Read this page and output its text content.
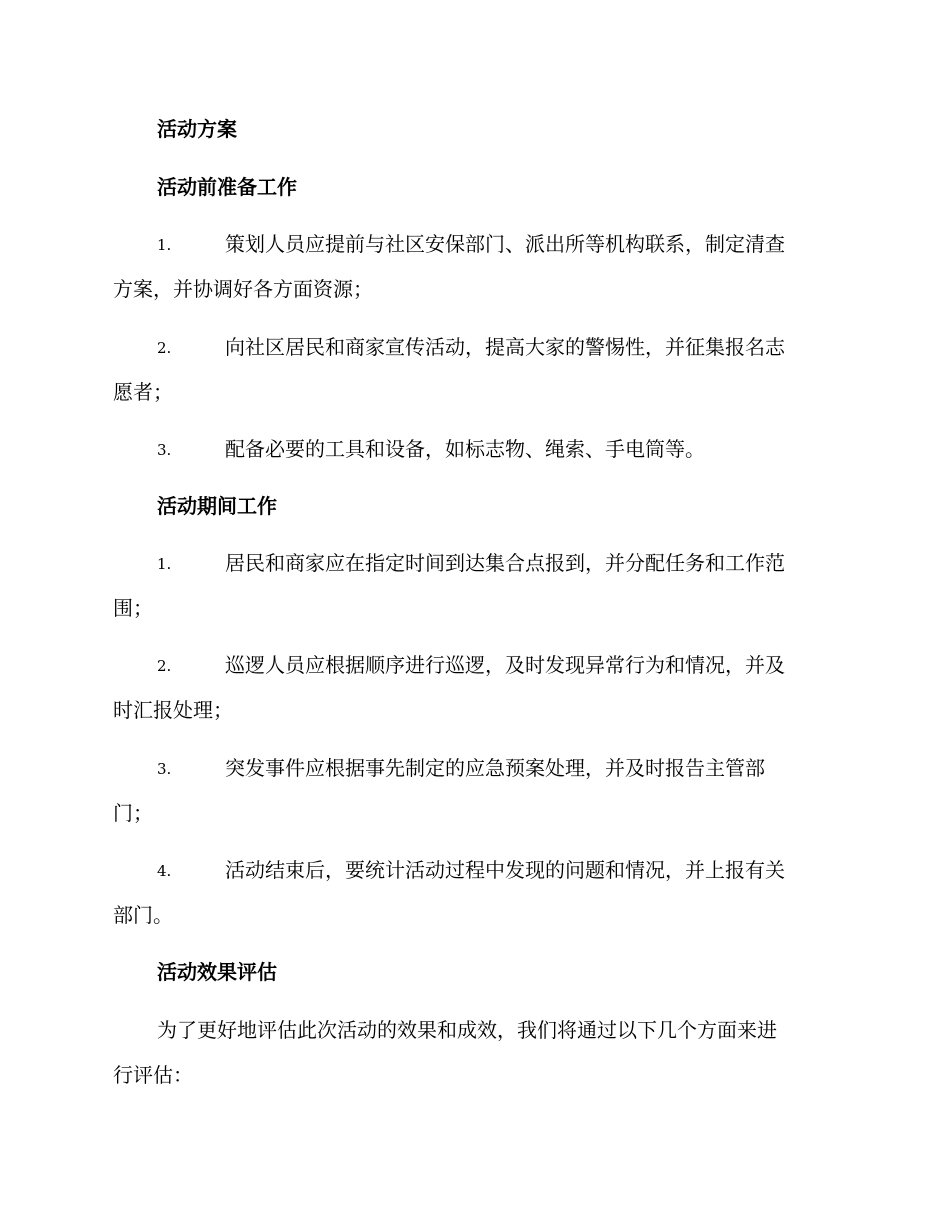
活动方案
活动前准备工作
1.	策划人员应提前与社区安保部门、派出所等机构联系，制定清查
方案，并协调好各方面资源；
2.	向社区居民和商家宣传活动，提高大家的警惕性，并征集报名志
愿者；
3.	配备必要的工具和设备，如标志物、绳索、手电筒等。
活动期间工作
1.	居民和商家应在指定时间到达集合点报到，并分配任务和工作范
围；
2.	巡逻人员应根据顺序进行巡逻，及时发现异常行为和情况，并及
时汇报处理；
3.	突发事件应根据事先制定的应急预案处理，并及时报告主管部
门；
4.	活动结束后，要统计活动过程中发现的问题和情况，并上报有关
部门。
活动效果评估
为了更好地评估此次活动的效果和成效，我们将通过以下几个方面来进
行评估：
